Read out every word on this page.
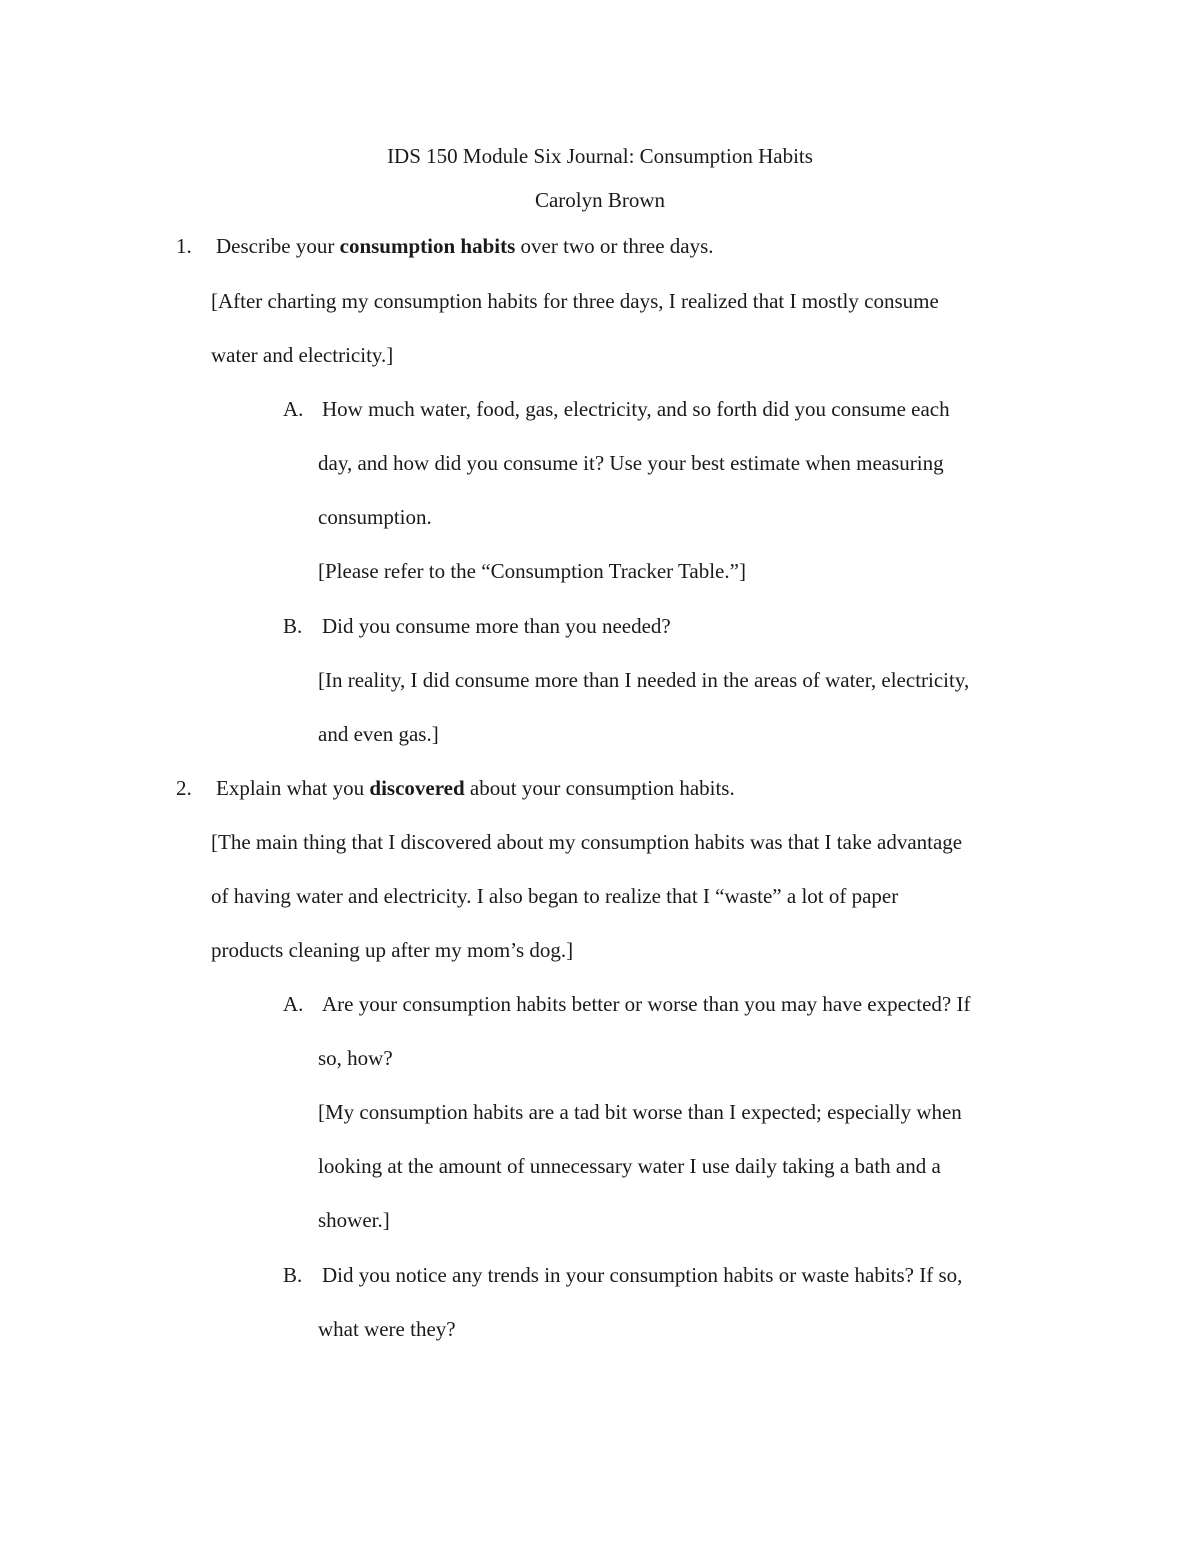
IDS 150 Module Six Journal: Consumption Habits
Carolyn Brown
1. Describe your consumption habits over two or three days.
[After charting my consumption habits for three days, I realized that I mostly consume
water and electricity.]
A. How much water, food, gas, electricity, and so forth did you consume each
day, and how did you consume it? Use your best estimate when measuring
consumption.
[Please refer to the “Consumption Tracker Table.”]
B. Did you consume more than you needed?
[In reality, I did consume more than I needed in the areas of water, electricity,
and even gas.]
2. Explain what you discovered about your consumption habits.
[The main thing that I discovered about my consumption habits was that I take advantage
of having water and electricity. I also began to realize that I “waste” a lot of paper
products cleaning up after my mom’s dog.]
A. Are your consumption habits better or worse than you may have expected? If
so, how?
[My consumption habits are a tad bit worse than I expected; especially when
looking at the amount of unnecessary water I use daily taking a bath and a
shower.]
B. Did you notice any trends in your consumption habits or waste habits? If so,
what were they?
